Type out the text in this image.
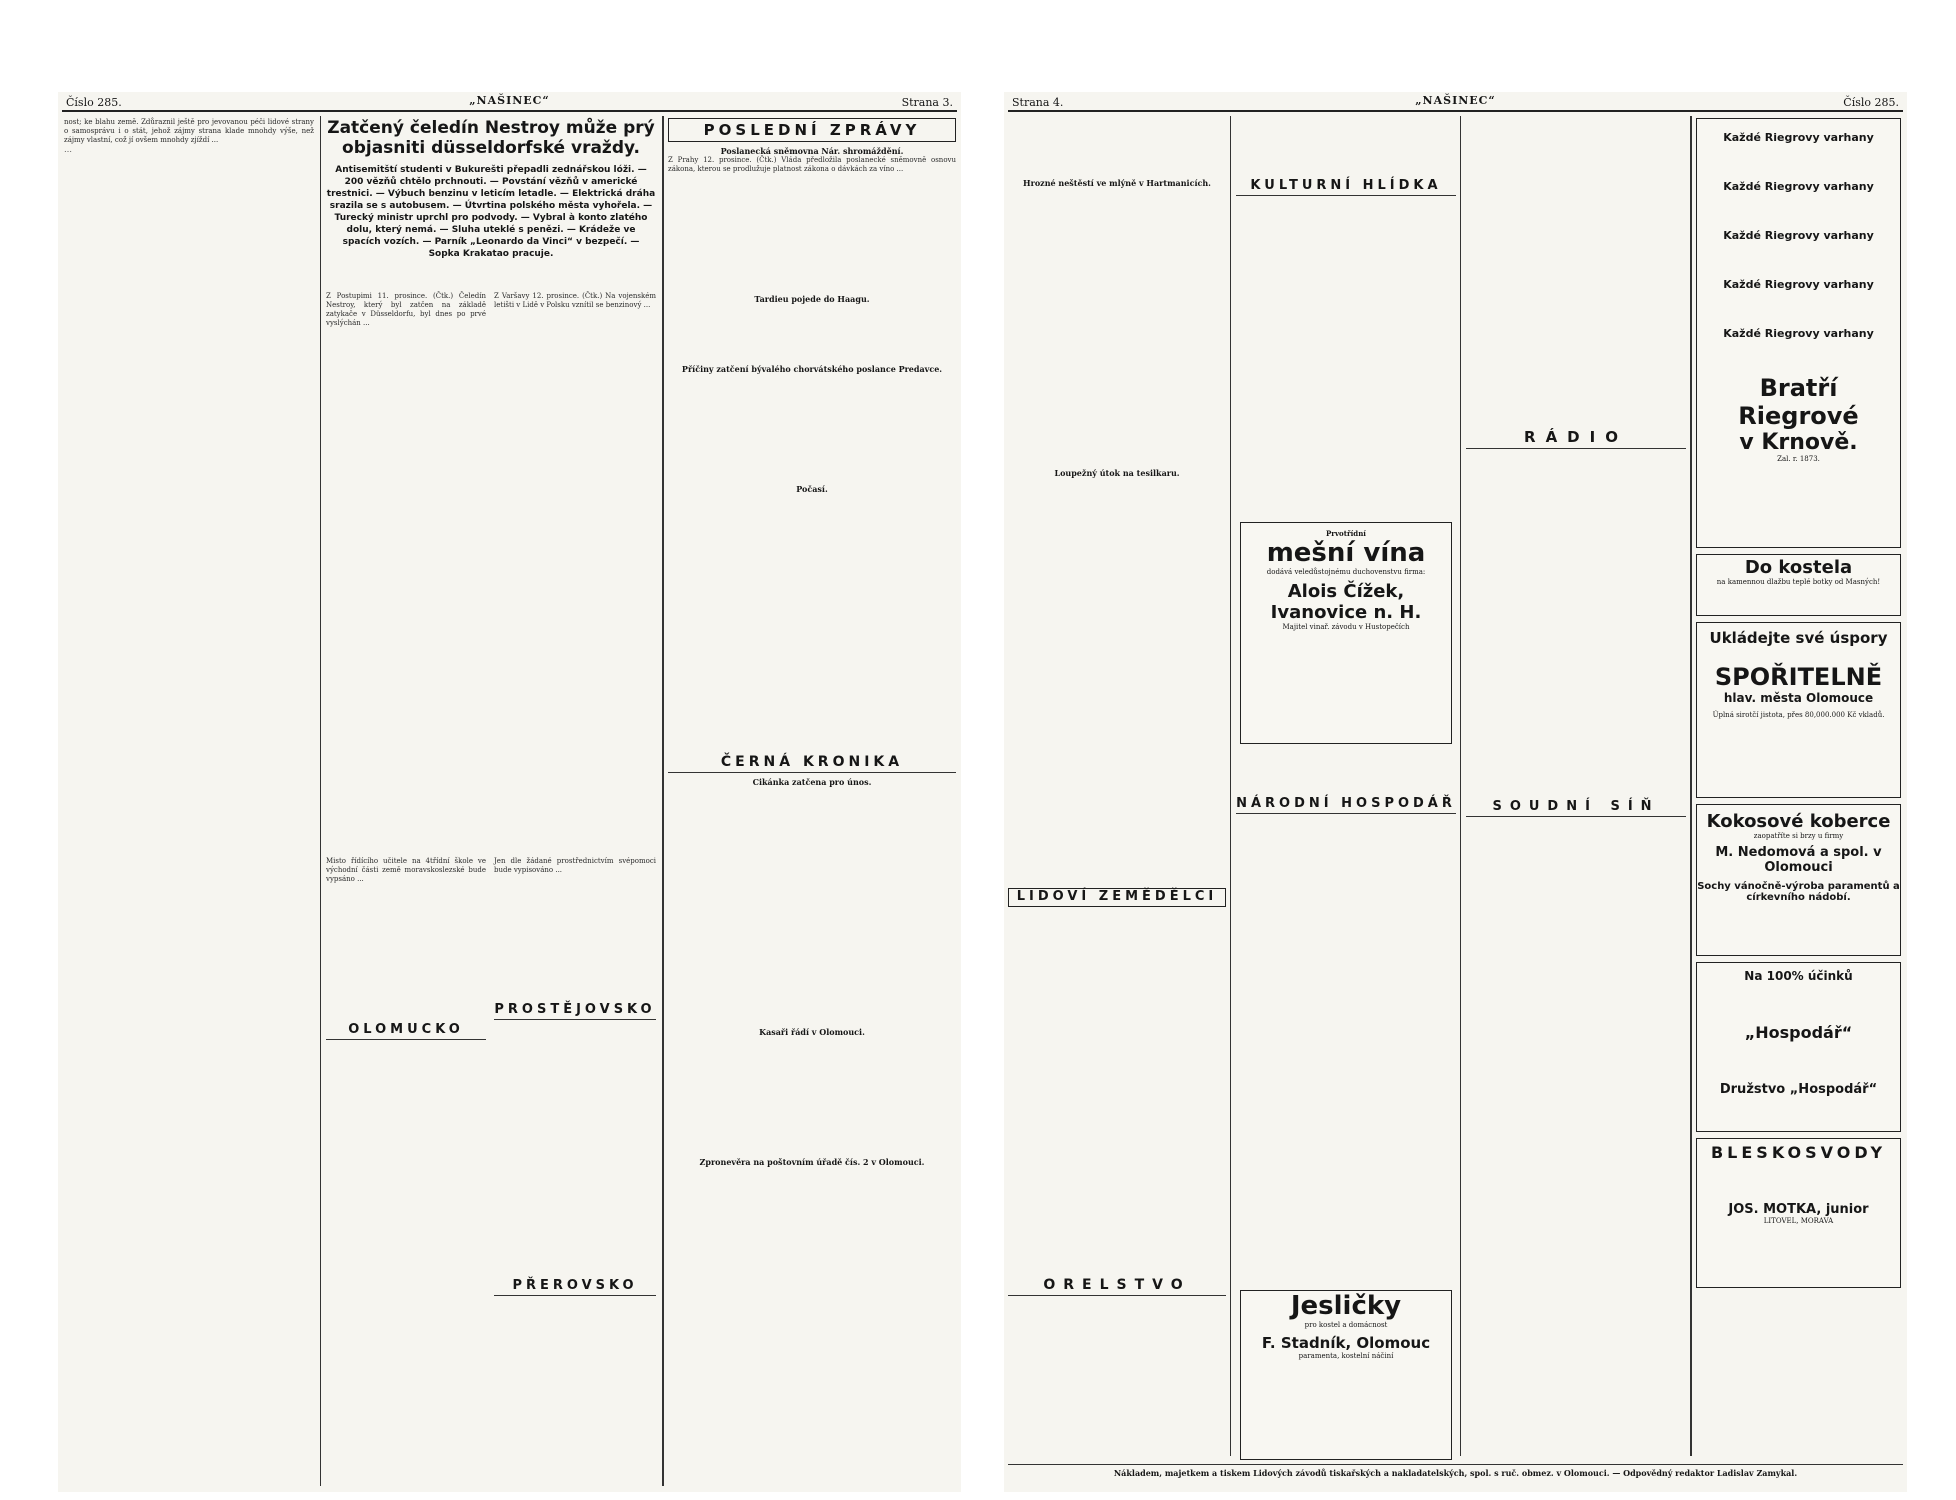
Číslo 285.	„NAŠINEC“	Strana 3.
nost; ke blahu země. Zdůraznil ještě pro jevovanou péči lidové strany o samosprávu i o stát, jehož zájmy strana klade mnohdy výše, než zájmy vlastní, což jí ovšem mnohdy zjíždí ...
…
Zatčený čeledín Nestroy může prý objasniti düsseldorfské vraždy.
Antisemitští studenti v Bukurešti přepadli zednářskou lóži. — 200 vězňů chtělo prchnouti. — Povstání vězňů v americké trestnici. — Výbuch benzinu v leticím letadle. — Elektrická dráha srazila se s autobusem. — Útvrtina polského města vyhořela. — Turecký ministr uprchl pro podvody. — Vybral à konto zlatého dolu, který nemá. — Sluha uteklé s penězi. — Krádeže ve spacích vozích. — Parník „Leonardo da Vinci“ v bezpečí. — Sopka Krakatao pracuje.
Z Postupimi 11. prosince. (Čtk.) Čeledín Nestroy, který byl zatčen na základě zatykače v Düsseldorfu, byl dnes po prvé vyslýchán ...
Z Varšavy 12. prosince. (Čtk.) Na vojenském letišti v Lidě v Polsku vznítil se benzinový ...
Misto řídícího učitele na 4třídní škole ve východní části země moravskoslezské bude vypsáno ...
Jen dle žádané prostřednictvím svépomoci bude vypisováno ...
OLOMUCKO
PROSTĚJOVSKO
PŘEROVSKO
POSLEDNÍ ZPRÁVY
Poslanecká sněmovna Nár. shromáždění.
Z Prahy 12. prosince. (Čtk.) Vláda předložila poslanecké sněmovně osnovu zákona, kterou se prodlužuje platnost zákona o dávkách za víno ...
Tardieu pojede do Haagu.
Příčiny zatčení bývalého chorvátského poslance Predavce.
Počasí.
ČERNÁ KRONIKA
Cikánka zatčena pro únos.
Kasaři řádí v Olomouci.
Zpronevěra na poštovním úřadě čís. 2 v Olomouci.
Strana 4.	„NAŠINEC“	Číslo 285.
Hrozné neštěstí ve mlýně v Hartmanicích.
Loupežný útok na tesilkaru.
LIDOVÍ ZEMĚDĚLCI
ORELSTVO
KULTURNÍ HLÍDKA
NÁRODNÍ HOSPODÁŘ
Prvotřídní
mešní vína
dodává veledůstojnému duchovenstvu firma:
Alois Čížek,
Ivanovice n. H.
Majitel vinař. závodu v Hustopečích
Jesličky
pro kostel a domácnost
F. Stadník, Olomouc
paramenta, kostelní náčiní
RÁDIO
SOUDNÍ SÍŇ
Každé Riegrovy varhany
Každé Riegrovy varhany
Každé Riegrovy varhany
Každé Riegrovy varhany
Každé Riegrovy varhany
Bratří Riegrové
v Krnově.
Zal. r. 1873.
Do kostela
na kamennou dlažbu teplé botky od Masných!
Ukládejte své úspory
SPOŘITELNĚ
hlav. města Olomouce
Úplná sirotčí jistota, přes 80,000.000 Kč vkladů.
Kokosové koberce
zaopatříte si brzy u firmy
M. Nedomová a spol. v Olomouci
Sochy vánočně-výroba paramentů a církevního nádobí.
Na 100% účinků
„Hospodář“
Družstvo „Hospodář“
BLESKOSVODY
JOS. MOTKA, junior
LITOVEL, MORAVA
Nákladem, majetkem a tiskem Lidových závodů tiskařských a nakladatelských, spol. s ruč. obmez. v Olomouci. — Odpovědný redaktor Ladislav Zamykal.
